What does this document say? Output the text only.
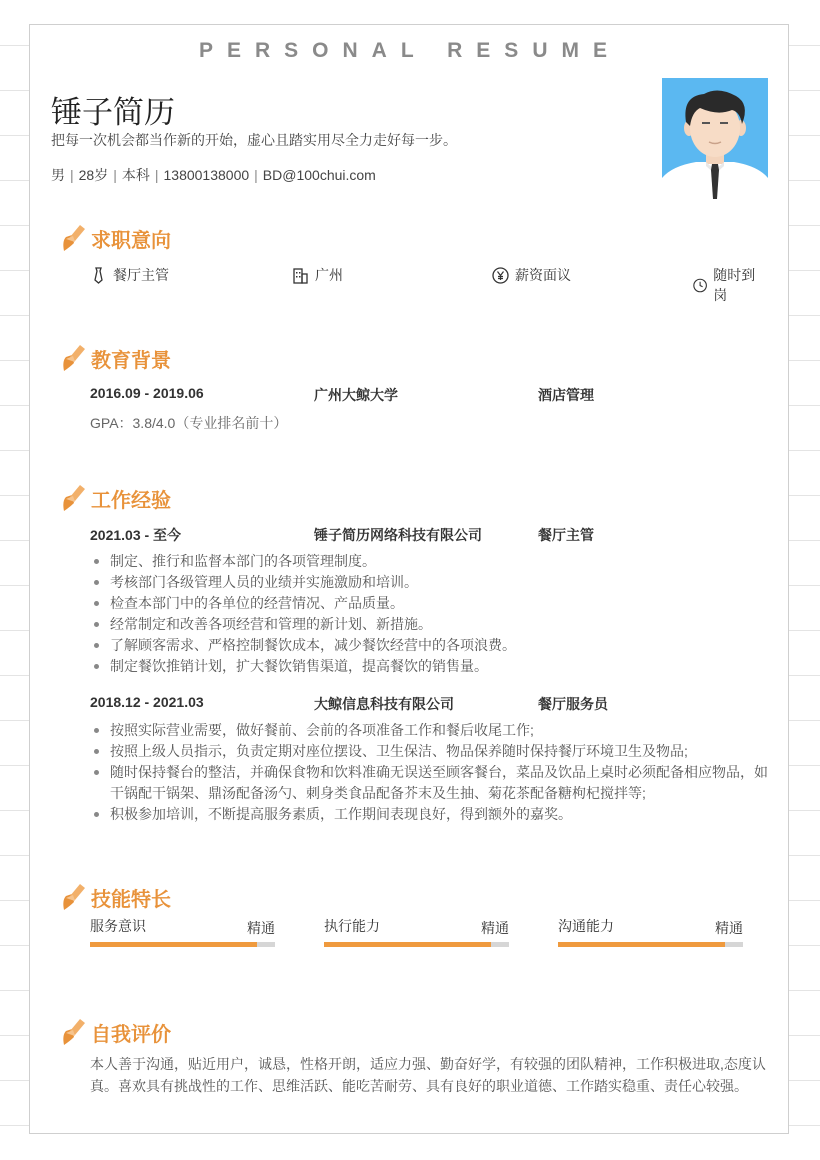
PERSONAL RESUME
锤子简历
把每一次机会都当作新的开始，虚心且踏实用尽全力走好每一步。
男 | 28岁 | 本科 | 13800138000 | BD@100chui.com
求职意向
餐厅主管	广州	薪资面议	随时到岗
教育背景
2016.09 - 2019.06	广州大鲸大学	酒店管理
GPA：3.8/4.0（专业排名前十）
工作经验
2021.03 - 至今	锤子简历网络科技有限公司	餐厅主管
制定、推行和监督本部门的各项管理制度。
考核部门各级管理人员的业绩并实施激励和培训。
检查本部门中的各单位的经营情况、产品质量。
经常制定和改善各项经营和管理的新计划、新措施。
了解顾客需求、严格控制餐饮成本，减少餐饮经营中的各项浪费。
制定餐饮推销计划，扩大餐饮销售渠道，提高餐饮的销售量。
2018.12 - 2021.03	大鲸信息科技有限公司	餐厅服务员
按照实际营业需要，做好餐前、会前的各项准备工作和餐后收尾工作;
按照上级人员指示，负责定期对座位摆设、卫生保洁、物品保养随时保持餐厅环境卫生及物品;
随时保持餐台的整洁，并确保食物和饮料准确无误送至顾客餐台，菜品及饮品上桌时必须配备相应物品，如干锅配干锅架、鼎汤配备汤勺、刺身类食品配备芥末及生抽、菊花茶配备糖枸杞搅拌等;
积极参加培训，不断提高服务素质，工作期间表现良好，得到额外的嘉奖。
技能特长
服务意识	精通	执行能力	精通	沟通能力	精通
自我评价
本人善于沟通，贴近用户，诚恳，性格开朗，适应力强、勤奋好学，有较强的团队精神，工作积极进取,态度认真。喜欢具有挑战性的工作、思维活跃、能吃苦耐劳、具有良好的职业道德、工作踏实稳重、责任心较强。
